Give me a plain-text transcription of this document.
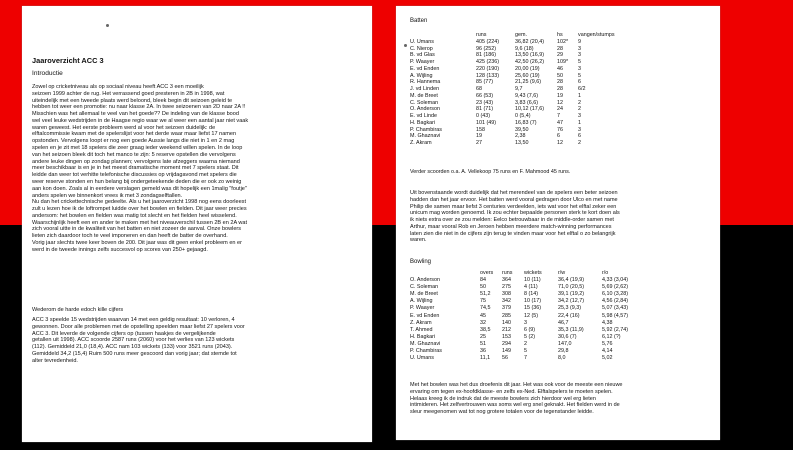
Jaaroverzicht ACC 3
Introductie
Zowel op cricketniveau als op sociaal niveau heeft ACC 3 een moeilijk
seizoen 1999 achter de rug. Het verrassend goed presteren in 2B in 1998, wat
uiteindelijk met een tweede plaats werd beloond, bleek begin dit seizoen geleid te
hebben tot weer een promotie: nu naar klasse 2A. In twee seizoenen van 2D naar 2A !!
Misschien was het allemaal te veel van het goede?? De indeling van de klasse bood
wel veel leuke wedstrijden in de Haagse regio waar we al weer een aantal jaar niet vaak
waren geweest. Het eerste probleem werd al voor het seizoen duidelijk: de
elftalcommissie kwam met de spelerslijst voor het derde waar maar liefst 17 namen
opstonden. Vervolgens loopt er nog een goede Aussie langs die niet in 1 en 2 mag
spelen en je zit met 18 spelers die zeer graag ieder weekend willen spelen. In de loop
van het seizoen bleek dit toch het manco te zijn: 5 reserve opstellen die vervolgens
andere leuke dingen op zondag plannen; vervolgens late afzeggers waarna niemand
meer beschikbaar is en je in het meest dramatische moment met 7 spelers staat. Dit
leidde dan weer tot verhitte telefonische discussies op vrijdagavond met spelers die
weer reserve stonden en hun belang bij ondergeteekende deden die er ook zo weinig
aan kon doen. Zoals al in eerdere verslagen gemeld was dit hopelijk een 1malig "foutje"
anders spelen we binnenkort vrees ik met 3 zondagselftallen.
Nu dan het crickettechnische gedeelte. Als u het jaaroverzicht 1998 nog eens doorleest
zult u lezen hoe ik de loftrompet luidde over het bowlen en fielden. Dit jaar weer precies
andersom: het bowlen en fielden was matig tot slecht en het fielden heel wisselend.
Waarschijnlijk heeft een en ander te maken met het niveauverschil tussen 2B en 2A wat
zich vooral uitte in de kwaliteit van het batten en niet zozeer de aanval. Onze bowlers
lieten zich daardoor toch te veel imponeren en dan heeft de batter de overhand.
Vorig jaar slechts twee keer boven de 200. Dit jaar was dit geen enkel probleem en er
werd in de tweede innings zelfs succesvol op scores van 250+ gejaagd.
Wederom de harde edoch kille cijfers
ACC 3 speelde 15 wedstrijden waarvan 14 met een geldig resultaat: 10 verloren, 4
gewonnen. Door alle problemen met de opstelling speelden maar liefst 27 spelers voor
ACC 3. Dit leverde de volgende cijfers op (tussen haakjes de vergelijkende
getallen uit 1998). ACC scoorde 2587 runs (2060) voor het verlies van 123 wickets
(112). Gemiddeld 21,0 (18,4). ACC nam 103 wickets (133) voor 3521 runs (2043).
Gemiddeld 34,2 (15,4) Ruim 500 runs meer gescoord dan vorig jaar; dat stemde tot
alter tevredenheid.
Batten
	runs	gem.	hs	vangen/stumps
U. Umans	405 (224)	36,82 (20,4)	102*	9
C. Nierop	96 (252)	9,6 (18)	28	3
B. vd Glas	81 (186)	13,50 (16,9)	29	3
P. Waayer	425 (236)	42,50 (26,2)	109*	5
E. vd Enden	220 (190)	20,00 (19)	46	3
A. Wijling	128 (133)	25,60 (19)	50	5
R. Hannema	85 (77)	21,25 (9,6)	28	6
J. vd Linden	68	9,7	28	6/2
M. de Breet	66 (53)	9,43 (7,6)	19	1
C. Soleman	23 (43)	3,83 (6,6)	12	2
O. Anderson	81 (71)	10,12 (17,6)	24	2
E. vd Linde	0 (43)	0 (5,4)	7	3
H. Bagkari	101 (49)	16,83 (7)	47	1
P. Chambiras	158	39,50	76	3
M. Ghaznavi	19	2,38	6	6
Z. Akram	27	13,50	12	2
Verder scoorden o.a. A. Vellekoop 75 runs en F. Mahmood 45 runs.
Uit bovenstaande wordt duidelijk dat het merendeel van de spelers een beter seizoen
hadden dan het jaar ervoor. Het batten werd vooral gedragen door Ulco en met name
Philip die samen maar liefst 3 centuries verdeelden, iets wat voor het elftal zeker een
unicum mag worden genoemd. Ik zou echter bepaalde personen sterk te kort doen als
ik niets extra over ze zou melden: Eelco betrouwbaar in de middle-order samen met
Arthur, maar vooral Rob en Jeroen hebben meerdere match-winning performances
laten zien die niet in de cijfers zijn terug te vinden maar voor het elftal o zo belangrijk
waren.
Bowling
	overs	runs	wickets	r/w	r/o	
O. Anderson	84	364	10 (11)	36,4 (19,9)	4,33 (3,04)	
C. Soleman	50	275	4 (11)	71,0 (20,5)	5,69 (2,62)	
M. de Breet	51,2	308	8 (14)	39,1 (19,2)	6,10 (3,28)	
A. Wijling	75	342	10 (17)	34,2 (12,7)	4,56 (2,84)	
P. Waayer	74,5	379	15 (36)	25,3 (9,3)	5,07 (3,43)	
E. vd Enden	45	285	12 (5)	22,4 (16)	5,98 (4,57)	
Z. Akram	32	140	3	46,7	4,38	
T. Ahmed	38,5	212	6 (9)	35,3 (11,9)	5,92 (2,74)	
H. Bagkari	25	153	5 (2)	30,6 (7)	6,12 (?)	
M. Ghaznavi	51	294	2	147,0	5,76	
P. Chambiras	36	149	5	29,8	4,14	
U. Umans	11,1	56	7	8,0	5,02	
Met het bowlen was het dus droefenis dit jaar. Het was ook voor de meeste een nieuwe
ervaring om tegen ex-hoofdklasse- en zelfs ex-Ned. Elftalspelers te moeten spelen.
Helaas kreeg ik de indruk dat de meeste bowlers zich hierdoor wel erg lieten
intimideren. Het zelfvertrouwen was soms wel erg snel geknakt. Het fielden werd in de
sleur meegenomen wat tot nog grotere totalen voor de tegenstander leidde.
